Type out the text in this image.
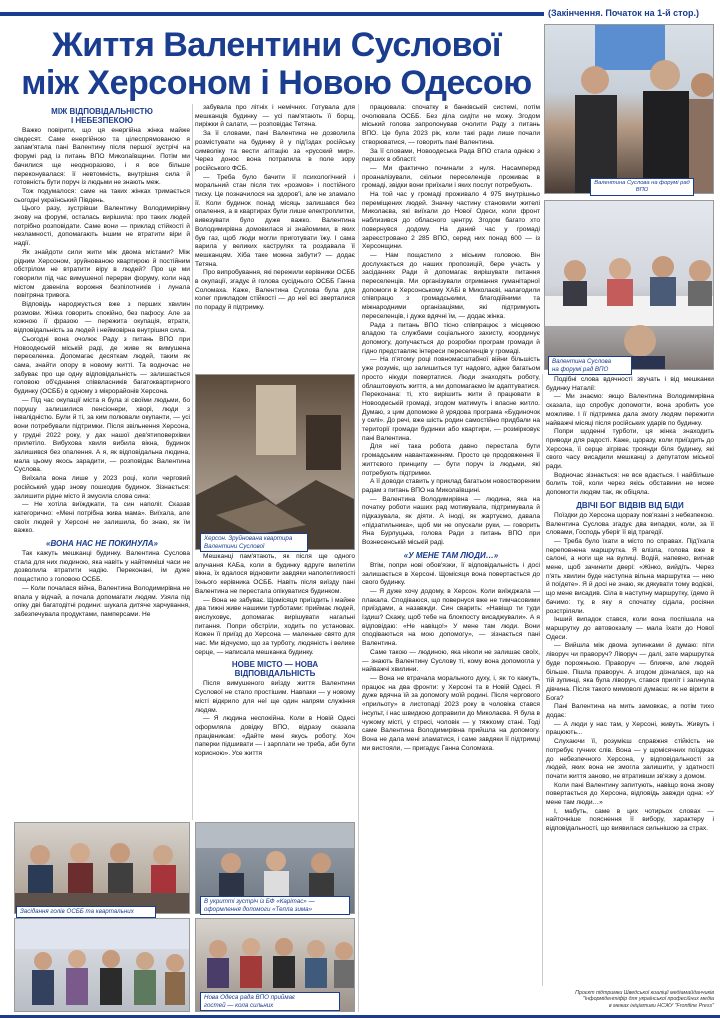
(Закінчення. Початок на 1-й стор.)
Життя Валентини Суслової
між Херсоном і Новою Одесою
Валентина Суслова на форумі рад ВПО
Валентина Суслова
на форумі рад ВПО
Херсон. Зруйнована квартира
Валентини Суслової
Засідання голів ОСББ та квартальних
В укритті зустріч із БФ «Карітас» —
оформлення допомоги «Тепла зима»
Нова Одеса рада ВПО приймає
гостей — кола сильних
МІЖ ВІДПОВІДАЛЬНІСТЮ
І НЕБЕЗПЕКОЮ

Важко повірити, що ця енергійна жінка майже сімдесят. Саме енергійною та цілеспрямованою я запам'ятала пані Валентину після першої зустрічі на форумі рад із питань ВПО Миколаївщини. Потім ми бачилися ще неодноразово, і я все більше переконувалася: її невтомність, внутрішня сила й готовність бути поруч із людьми не знають меж.

Тож подумалося: саме на таких жінках тримається сьогодні український Південь.

Цього разу, зустрівши Валентину Володимирівну знову на форумі, осталась вирішила: про таких людей потрібно розповідати. Саме вони — приклад стійкості й незламності, допомагають іншим не втратити віри й надії.

Як знайдоти сили жити між двома містами? Між рідним Херсоном, зруйнованою квартирою й постійним обстрілом не втратити віру в людей? Про це ми говорили під час вимушеної перерви форуму, коли над містом дзвеніла ворожня безпілотників і лунала повітряна тривога.

Відповідь народжується вже з перших хвилин розмови. Жінка говорить спокійно, без пафосу. Але за кожною її фразою — пережита окупація, втрати, відповідальність за людей і неймовірна внутрішня сила.

Сьогодні вона очолює Раду з питань ВПО при Новоодеській міській раді, де живе як вимушена переселенка. Допомагає десяткам людей, таким як сама, знайти опору в новому житті. Та водночас не забуває про ще одну відповідальність — залишається головою об'єднання співвласників багатоквартирного будинку (ОСББ) в одному з мікрорайонів Херсона.

— Під час окупації міста я була зі своїми людьми, бо порушу залишилися пенсіонери, хворі, люди з інвалідністю. Були й ті, за ким полювали окупанти, — усі вони потребували підтримки. Після звільнення Херсона, у грудні 2022 року, у дах нашої дев'ятиповерхівки прилетіло. Вибухова хвиля вибила вікна, будинок залишився без опалення. А я, як відповідальна людина, мала цьому якось зарадити, — розповідає Валентина Суслова.

Виїхала вона лише у 2023 році, коли черговий російський удар знову пошкодив будинок. Зізнається: залишити рідне місто й змусила слова сина:

— Не хотіла виїжджати, та син наполіг. Сказав категорично: «Мені потрібна жива мама». Виїхала, але своїх людей у Херсоні не залишила, бо знаю, як їм важко.

«ВОНА НАС НЕ ПОКИНУЛА»

Так кажуть мешканці будинку. Валентина Суслова стала для них людиною, яка навіть у найтемніші часи не дозволила втратити надію. Переконані, ім дуже пощастило з головою ОСББ.

— Коли почалася війна, Валентина Володимирівна не впала у відчай, а почала допомагати людям. Узяла під опіку дві багатодітні родини: шукала дитяче харчування, забезпечувала продуктами, памперсами. Не

забувала про літніх і немічних. Готувала для мешканців будинку — усі пам'ятають її борщ, пиріжки й салати, — розповідає Тетяна.

За її словами, пані Валентина не дозволила розмістувати на будинку й у під'їздах російську символіку та вести агітацію за «русский мир». Через донос вона потрапила в поле зору російського ФСБ.

— Треба було бачити її психологічний і моральний стан після тих «розмов» і постійного тиску. Це позначилося на здоров'ї, але не зламало її. Коли будинок понад місяць залишався без опалення, а в квартирах були лише електроплитки, вивезувати було дуже важко. Валентина Володимирівна домовилася зі знайомими, в яких був газ, щоб люди могли приготувати їжу. І сама варила у великих каструлях та роздавала її мешканцям. Хіба таке можна забути? — додає Тетяна.

Про випробування, які пережили керівники ОСББ в окупації, згадує й голова сусіднього ОСББ Ганна Соломаха. Каже, Валентина Суслова була для колег прикладом стійкості — до неї всі зверталися по пораду й підтримку.

Мешканці пам'ятають, як після ще одного влучання КАБа, коли в будинку вдруге вилетіли вікна, їх вдалося відновити завдяки наполегливості їхнього керівника ОСББ. Навіть після виїзду пані Валентина не перестала опікуватися будинком.

— Вона не забуває. Щомісяця приїздить і майже два тижні живе нашими турботами: приймає людей, вислуховує, допомагає вирішувати нагальні питання. Попри обстріли, ходить по установах. Кожен її приїзд до Херсона — маленьке свято для нас. Ми відчуємо, що за турботу, людяність і велике серце, — написала мешканка будинку.

НОВЕ МІСТО — НОВА
ВІДПОВІДАЛЬНІСТЬ

Після вимушеного виїзду життя Валентини Суслової не стало простішим. Навпаки — у новому місті відкрило для неї ще один напрям служіння людям.

— Я людина неспокійна. Коли в Новій Одесі оформляла довідку ВПО, відразу сказала працівникам: «Дайте мені якусь роботу. Хоч паперки підшивати — і зарплати не треба, аби бути корисною». Усе життя

працювала: спочатку в банківській системі, потім очолювала ОСББ. Без діла сидіти не можу. Згодом міський голова запропонував очолити Раду з питань ВПО. Це була 2023 рік, коли такі ради лише почали створюватися, — говорить пані Валентина.

За її словами, Новоодеська Рада ВПО стала однією з перших в області:

— Ми фактично починали з нуля. Насамперед проаналізували, скільки переселенців проживає в громаді, звідки вони приїхали і яких послуг потребують.

На той час у громаді проживало 4 975 внутрішньо переміщених людей. Значну частину становили жителі Миколаєва, які виїхали до Нової Одеси, коли фронт наблизився до обласного центру. Згодом багато хто повернувся додому. На даний час у громаді зареєстровано 2 285 ВПО, серед них понад 600 — із Херсонщини.

— Нам пощастило з міським головою. Він дослухається до наших пропозицій, бере участь у засіданнях Ради й допомагає вирішувати питання переселенців. Ми організували отримання гуманітарної допомоги в Херсонському ХАБі в Миколаєві, налагодили співпрацю з громадськими, благодійними та міжнародними організаціями, які підтримують переселенців, і дуже вдячні їм, — додає жінка.

Рада з питань ВПО тісно співпрацює з місцевою владою та службами соціального захисту, координує допомогу, долучається до розробки програм громади й гідно представляє інтереси переселенців у громаді.

— На п'ятому році повномасштабної війни більшість уже розуміє, що залишиться тут надовго, адже багатьом просто нікуди повертатися. Люди знаходять роботу, облаштовують життя, а ми допомагаємо їм адаптуватися. Переконана: ті, хто вирішить жити й працювати в Новоодеській громаді, згодом матимуть і власне житло. Думаю, з цим допоможе й урядова програма «Будиночок у селі». До речі, вже шість родин самостійно придбали на території громади будинки або квартири, — розмірковує пані Валентина.

Для неї така робота давно перестала бути громадським навантаженням. Просто це продовження її життєвого принципу — бути поруч із людьми, які потребують підтримки.

А її доводи ставить у приклад багатьом новоствореним радам з питань ВПО на Миколаївщині.

— Валентина Володимирівна — людина, яка на початку роботи наших рад мотивувала, підтримувала й підказувала, як діяти. А іноді, як жартуємо, давала «підзатильника», щоб ми не опускали руки, — говорить Яна Бурлуцька, голова Ради з питань ВПО при Вознесенській міській раді.

«У МЕНЕ ТАМ ЛЮДИ…»

Втім, попри нові обов'язки, її відповідальність і досі залишається в Херсоні. Щомісяця вона повертається до свого будинку.

— Я дуже хочу додому, в Херсон. Коли виїжджала — плакала. Сподіваюся, що повернуся вже не тимчасовими приїздами, а назавжди. Син сварить: «Навіщо ти туди їздиш? Скажу, щоб тебе на блокпосту висаджували». А я відповідаю: «Не навіщо!» У мене там люди. Вони сподіваються на мою допомогу», — зізнається пані Валентина.

Саме такою — людиною, яка ніколи не залишає своїх, — знають Валентину Суслову ті, кому вона допомогла у найважчі хвилини.

— Вона не втрачала морального духу, і, як то кажуть, працює на два фронти: у Херсоні та в Новій Одесі. Я дуже вдячна їй за допомогу моїй родині. Після чергового «прильоту» в листопаді 2023 року в чоловіка стався інсульт, і нас швидкою доправили до Миколаєва. Я була в чужому місті, у стресі, чоловік — у тяжкому стані. Тоді саме Валентина Володимирівна прийшла на допомогу. Вона не дала мені зламатися, і саме завдяки її підтримці ми вистояли, — пригадує Ганна Соломаха.

Подібні слова вдячності звучать і від мешканки будинку Наталії:

— Ми знаємо: якщо Валентина Володимирівна сказала, що спробує допомогти, вона зробить усе можливе. І її підтримка дала змогу людям пережити найважчі місяці після російських ударів по будинку.

Попри щоденні турботи, ця жінка знаходить приводи для радості. Каже, щоразу, коли приїздить до Херсона, її серце зігріває троянди біля будинку, які свого часу висадили мешканці з депутатом міської ради.

Водночас зізнається: не все вдається. І найбільше болить той, коли через якісь обставини не може допомогти людям так, як обіцяла.

ДВІЧІ БОГ ВІДВІВ ВІД БІДИ

Поїздки до Херсона щоразу пов'язані з небезпекою. Валентина Суслова згадує два випадки, коли, за її словами, Господь уберіг її від трагедії.

— Треба було їхати в місто по справах. Під'їхала переповнена маршрутка. Я влізла, голова вже в салоні, а ноги ще на вулиці. Водій, напевно, вигнав мене, щоб зачинити двері: «Жінко, вийдіть. Через п'ять хвилин буде наступна вільна маршрутка — нею й поїдете». Я й досі не знаю, як дякувати тому водієві, що мене висадив. Сіла в наступну маршрутку, їдемо й бачимо: ту, в яку я спочатку сідала, росіяни розстріляли.

Інший випадок стався, коли вона поспішала на маршрутку до автовокзалу — мала їхати до Нової Одеси.

— Вийшла між двома зупинками й думаю: піти ліворуч чи праворуч? Ліворуч — далі, зате маршрутка буде порожньою. Праворуч — ближче, але людей більше. Пішла праворуч. А згодом дізналася, що на тій зупинці, яка була ліворуч, стався приліт і загинула дівчина. Після такого мимоволі думаєш: як не вірити в Бога?

Пані Валентина на мить замовкає, а потім тихо додає:

— А люди у нас там, у Херсоні, живуть. Живуть і працюють...

Слухаючи її, розумієш справжня стійкість не потребує гучних слів. Вона — у щомісячних поїздках до небезпечного Херсона, у відповідальності за людей, яких вона не змогла залишити, у здатності почати життя заново, не втративши зв'язку з домом.

Коли пані Валентину запитують, навіщо вона знову повертається до Херсона, відповідь завжди одна: «У мене там люди…»

І, мабуть, саме в цих чотирьох словах — найточніше пояснення її вибору, характеру і відповідальності, що виявилася сильнішою за страх.

Проєкт підтримки Шведської коаліції медіамайданчиків
"Інформідентіфір для української професійних медіа
в межах ініціативи НСЖУ "Frontline Press"
